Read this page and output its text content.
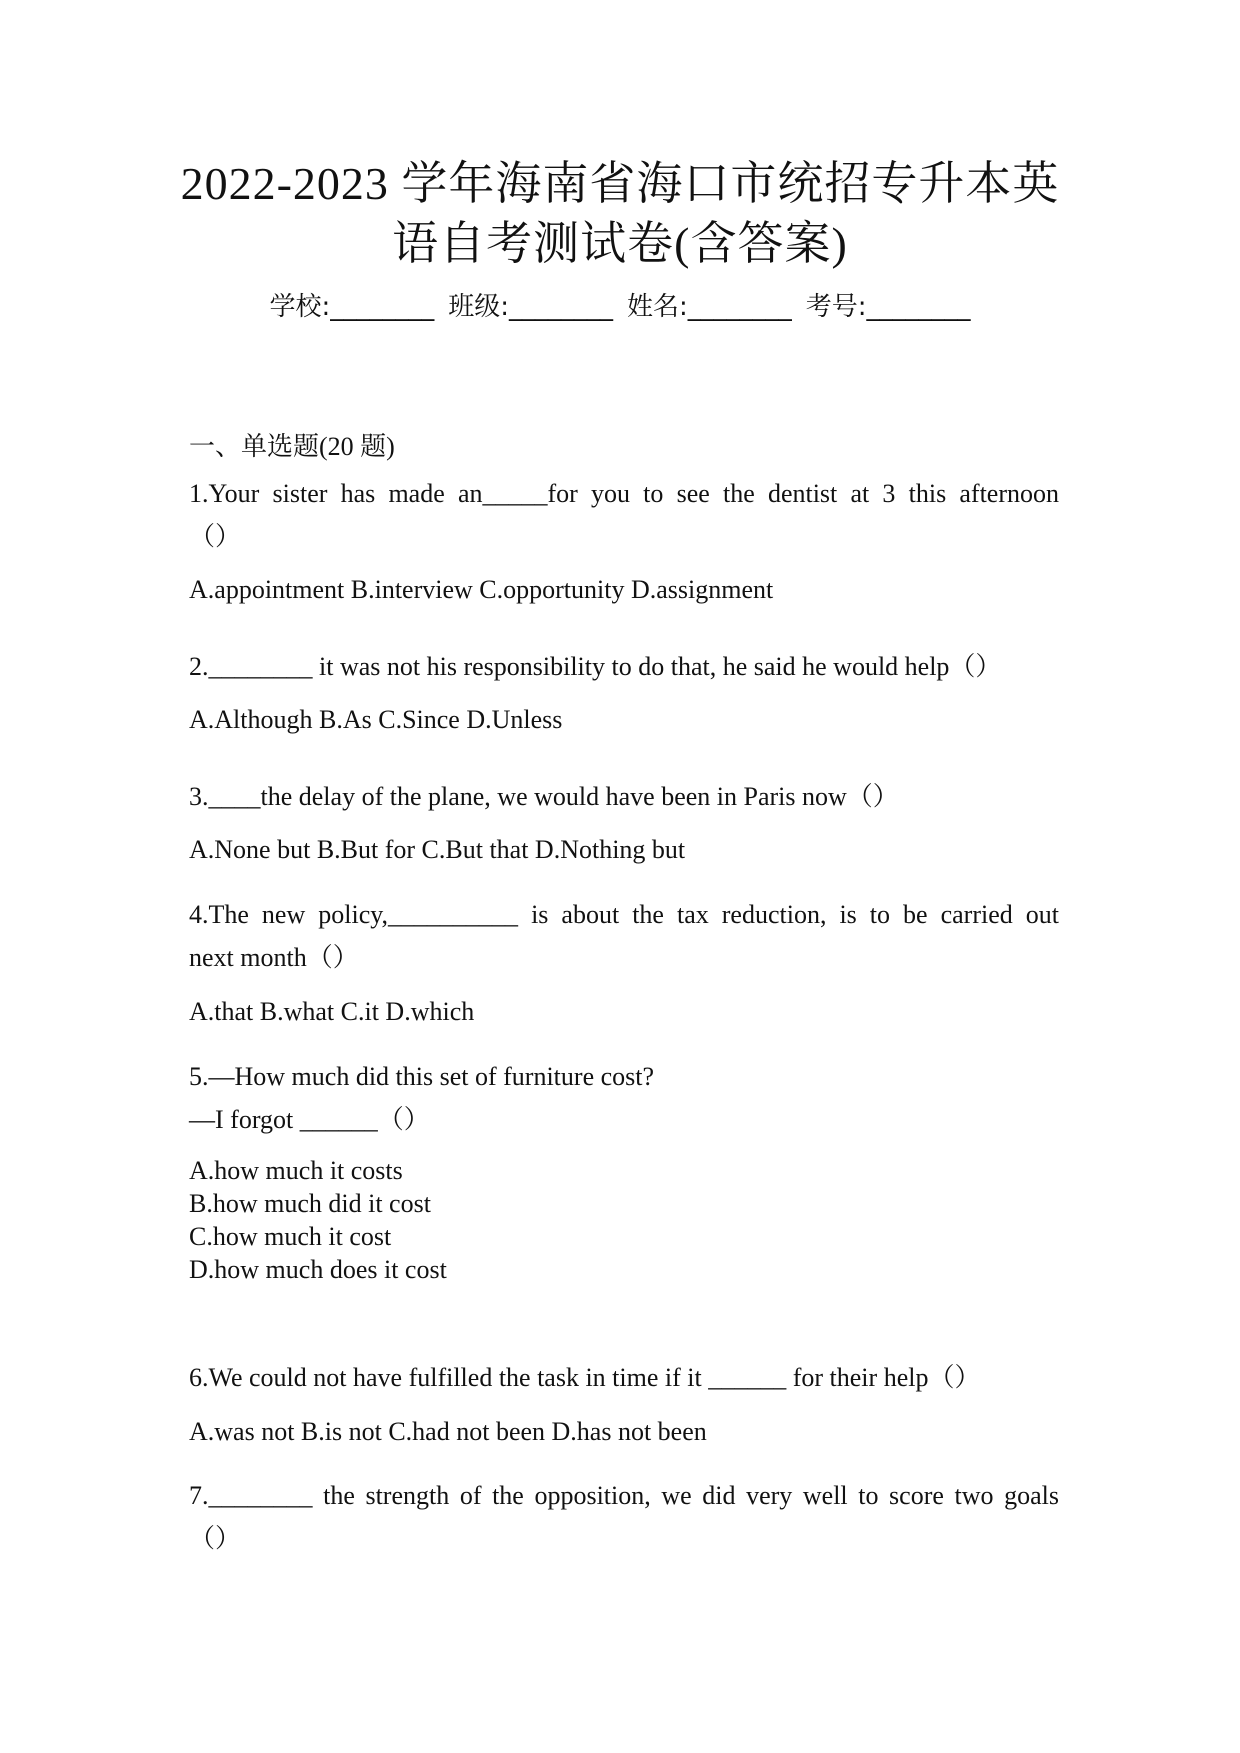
2022-2023 学年海南省海口市统招专升本英
语自考测试卷(含答案)
学校:________ 班级:________ 姓名:________ 考号:________
一、单选题(20 题)
1.Your sister has made an_____for you to see the dentist at 3 this afternoon
（）
A.appointment B.interview C.opportunity D.assignment
2.________ it was not his responsibility to do that, he said he would help（）
A.Although B.As C.Since D.Unless
3.____the delay of the plane, we would have been in Paris now（）
A.None but B.But for C.But that D.Nothing but
4.The new policy,__________ is about the tax reduction, is to be carried out
next month（）
A.that B.what C.it D.which
5.—How much did this set of furniture cost?
—I forgot ______（）
A.how much it costs
B.how much did it cost
C.how much it cost
D.how much does it cost
6.We could not have fulfilled the task in time if it ______ for their help（）
A.was not B.is not C.had not been D.has not been
7.________ the strength of the opposition, we did very well to score two goals
（）
